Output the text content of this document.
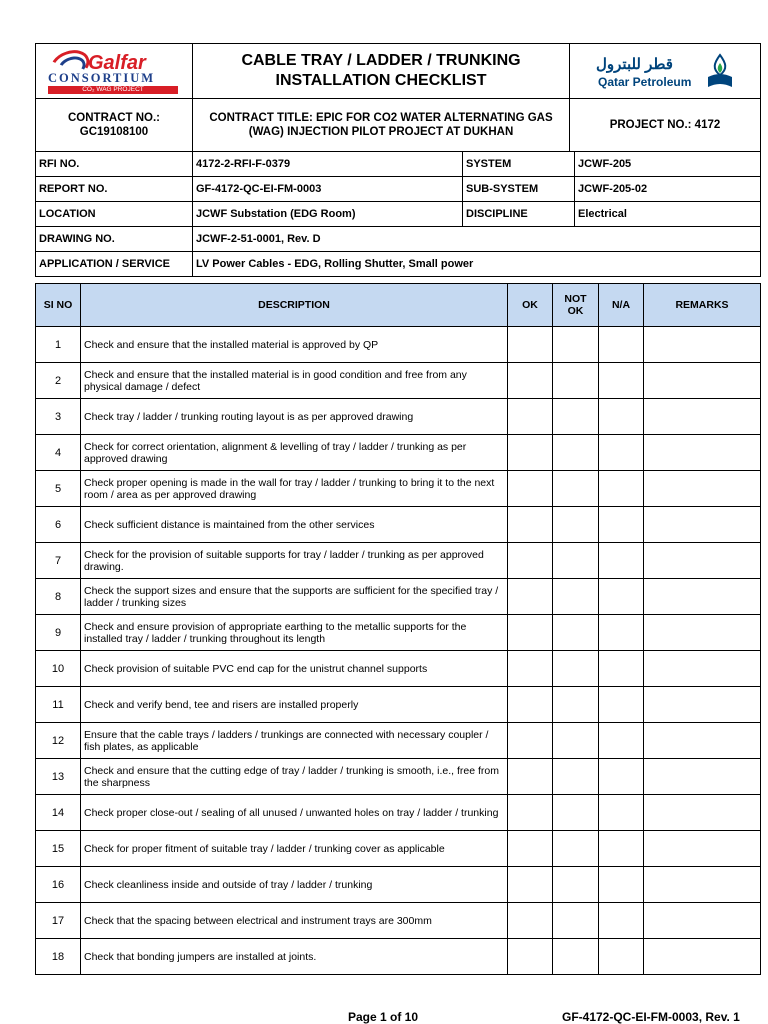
Galfar
CONSORTIUM
CO₂ WAG PROJECT

CABLE TRAY / LADDER / TRUNKING
INSTALLATION CHECKLIST

قطر للبترول
Qatar Petroleum
CONTRACT NO.:
GC19108100
	CONTRACT TITLE: EPIC FOR CO2 WATER ALTERNATING GAS (WAG) INJECTION PILOT PROJECT AT DUKHAN	PROJECT NO.: 4172
RFI NO.	4172-2-RFI-F-0379	SYSTEM	JCWF-205
REPORT NO.	GF-4172-QC-EI-FM-0003	SUB-SYSTEM	JCWF-205-02
LOCATION	JCWF Substation (EDG Room)	DISCIPLINE	Electrical
DRAWING NO.	JCWF-2-51-0001, Rev. D		
APPLICATION / SERVICE	LV Power Cables - EDG, Rolling Shutter, Small power		
SI NO	DESCRIPTION	OK	NOT OK	N/A	REMARKS
1	Check and ensure that the installed material is approved by QP				
2	Check and ensure that the installed material is in good condition and free from any physical damage / defect				
3	Check tray / ladder / trunking routing layout is as per approved drawing				
4	Check for correct orientation, alignment & levelling of tray / ladder / trunking as per approved drawing				
5	Check proper opening is made in the wall for tray / ladder / trunking to bring it to the next room / area as per approved drawing				
6	Check sufficient distance is maintained from the other services				
7	Check for the provision of suitable supports for tray / ladder / trunking as per approved drawing.				
8	Check the support sizes and ensure that the supports are sufficient for the specified tray / ladder / trunking sizes				
9	Check and ensure provision of appropriate earthing to the metallic supports for the installed tray / ladder / trunking throughout its length				
10	Check provision of suitable PVC end cap for the unistrut channel supports				
11	Check and verify bend, tee and risers are installed properly				
12	Ensure that the cable trays / ladders / trunkings are connected with necessary coupler / fish plates, as applicable				
13	Check and ensure that the cutting edge of tray / ladder / trunking is smooth, i.e., free from the sharpness				
14	Check proper close-out / sealing of all unused / unwanted holes on tray / ladder / trunking				
15	Check for proper fitment of suitable tray / ladder / trunking cover as applicable				
16	Check cleanliness inside and outside of tray / ladder / trunking				
17	Check that the spacing between electrical and instrument trays are 300mm				
18	Check that bonding jumpers are installed at joints.				
Page 1 of 10	GF-4172-QC-EI-FM-0003, Rev. 1
